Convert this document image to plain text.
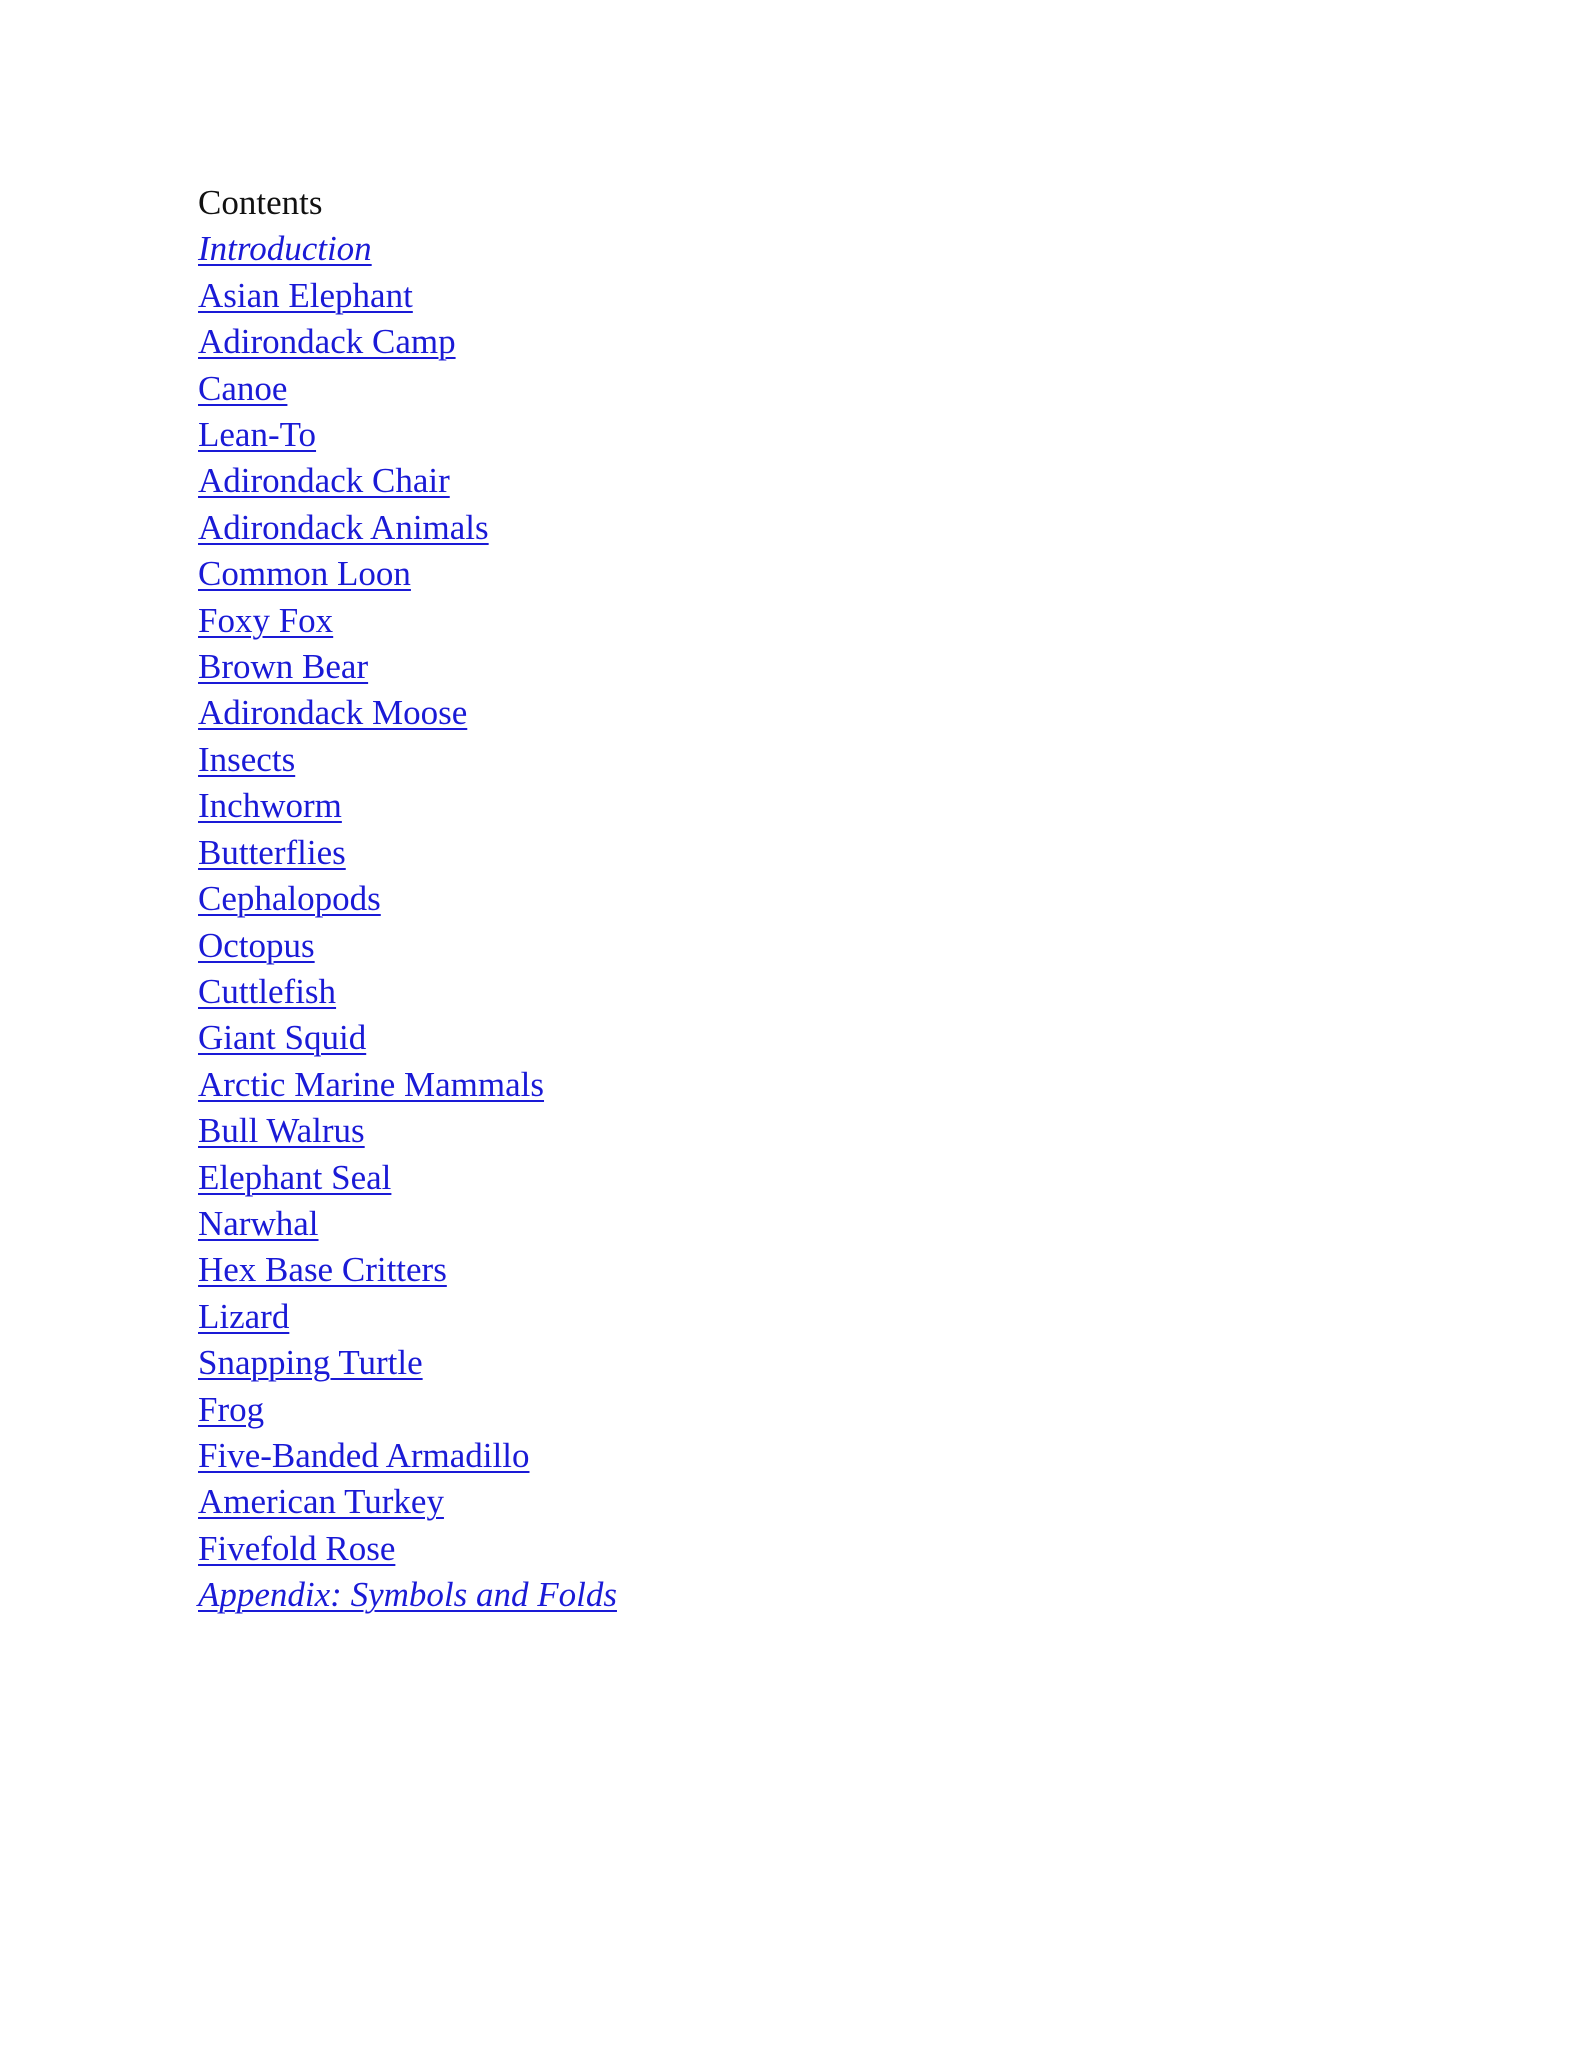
Contents
Introduction
Asian Elephant
Adirondack Camp
Canoe
Lean-To
Adirondack Chair
Adirondack Animals
Common Loon
Foxy Fox
Brown Bear
Adirondack Moose
Insects
Inchworm
Butterflies
Cephalopods
Octopus
Cuttlefish
Giant Squid
Arctic Marine Mammals
Bull Walrus
Elephant Seal
Narwhal
Hex Base Critters
Lizard
Snapping Turtle
Frog
Five-Banded Armadillo
American Turkey
Fivefold Rose
Appendix: Symbols and Folds
